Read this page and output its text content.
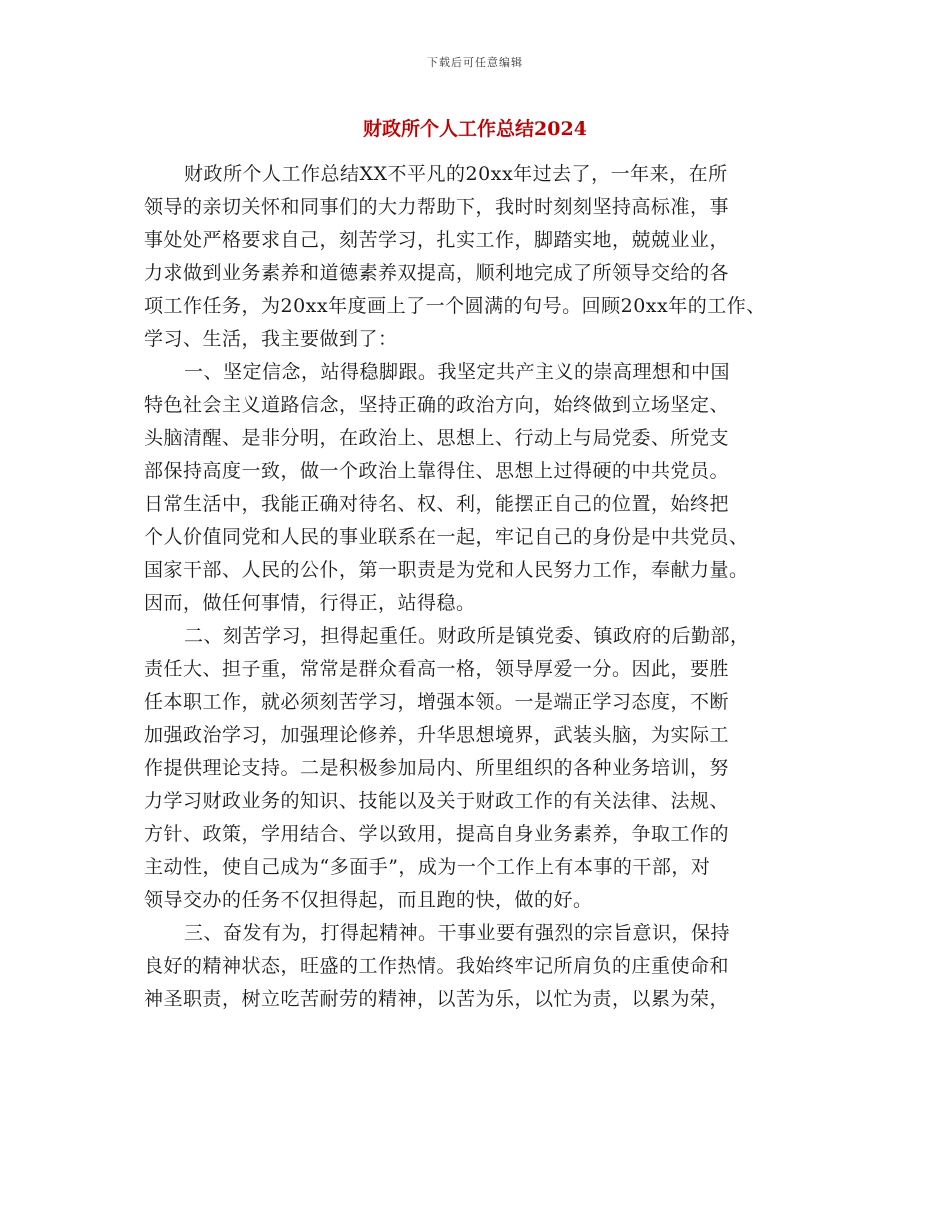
下载后可任意编辑
财政所个人工作总结2024
财政所个人工作总结XX不平凡的20xx年过去了，一年来，在所
领导的亲切关怀和同事们的大力帮助下，我时时刻刻坚持高标准，事
事处处严格要求自己，刻苦学习，扎实工作，脚踏实地，兢兢业业，
力求做到业务素养和道德素养双提高，顺利地完成了所领导交给的各
项工作任务，为20xx年度画上了一个圆满的句号。回顾20xx年的工作、
学习、生活，我主要做到了：
一、坚定信念，站得稳脚跟。我坚定共产主义的崇高理想和中国
特色社会主义道路信念，坚持正确的政治方向，始终做到立场坚定、
头脑清醒、是非分明，在政治上、思想上、行动上与局党委、所党支
部保持高度一致，做一个政治上靠得住、思想上过得硬的中共党员。
日常生活中，我能正确对待名、权、利，能摆正自己的位置，始终把
个人价值同党和人民的事业联系在一起，牢记自己的身份是中共党员、
国家干部、人民的公仆，第一职责是为党和人民努力工作，奉献力量。
因而，做任何事情，行得正，站得稳。
二、刻苦学习，担得起重任。财政所是镇党委、镇政府的后勤部，
责任大、担子重，常常是群众看高一格，领导厚爱一分。因此，要胜
任本职工作，就必须刻苦学习，增强本领。一是端正学习态度，不断
加强政治学习，加强理论修养，升华思想境界，武装头脑，为实际工
作提供理论支持。二是积极参加局内、所里组织的各种业务培训，努
力学习财政业务的知识、技能以及关于财政工作的有关法律、法规、
方针、政策，学用结合、学以致用，提高自身业务素养，争取工作的
主动性，使自己成为“多面手”，成为一个工作上有本事的干部，对
领导交办的任务不仅担得起，而且跑的快，做的好。
三、奋发有为，打得起精神。干事业要有强烈的宗旨意识，保持
良好的精神状态，旺盛的工作热情。我始终牢记所肩负的庄重使命和
神圣职责，树立吃苦耐劳的精神，以苦为乐，以忙为责，以累为荣，
